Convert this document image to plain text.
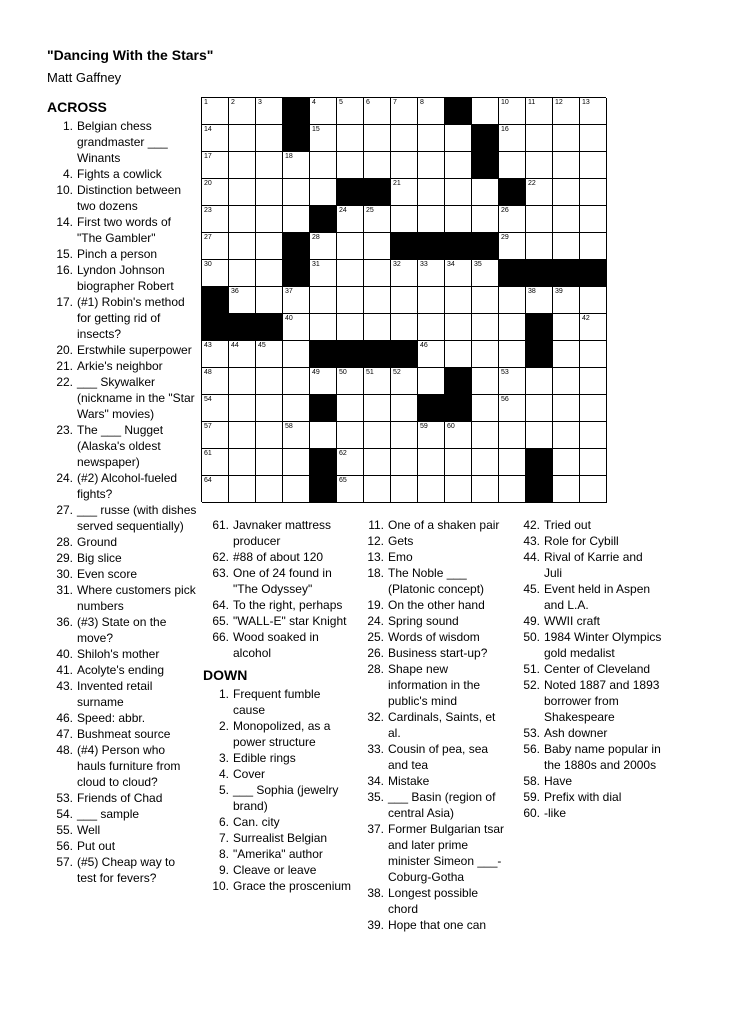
"Dancing With the Stars"
Matt Gaffney
1	2	3	4	5	6	7	8	10	11	12	13
14	15	16
17	18
20	21	22
23	24	25	26
27	28	29
30	31	32	33	34	35
36	37	38	39
40	42
43	44	45	46
48	49	50	51	52	53
54	56
57	58	59	60
61	62
64	65
ACROSS
1. Belgian chess grandmaster ___ Winants
4. Fights a cowlick
10. Distinction between two dozens
14. First two words of "The Gambler"
15. Pinch a person
16. Lyndon Johnson biographer Robert
17. (#1) Robin's method for getting rid of insects?
20. Erstwhile superpower
21. Arkie's neighbor
22. ___ Skywalker (nickname in the "Star Wars" movies)
23. The ___ Nugget (Alaska's oldest newspaper)
24. (#2) Alcohol-fueled fights?
27. ___ russe (with dishes served sequentially)
28. Ground
29. Big slice
30. Even score
31. Where customers pick numbers
36. (#3) State on the move?
40. Shiloh's mother
41. Acolyte's ending
43. Invented retail surname
46. Speed: abbr.
47. Bushmeat source
48. (#4) Person who hauls furniture from cloud to cloud?
53. Friends of Chad
54. ___ sample
55. Well
56. Put out
57. (#5) Cheap way to test for fevers?
61. Javnaker mattress producer
62. #88 of about 120
63. One of 24 found in "The Odyssey"
64. To the right, perhaps
65. "WALL-E" star Knight
66. Wood soaked in alcohol
DOWN
1. Frequent fumble cause
2. Monopolized, as a power structure
3. Edible rings
4. Cover
5. ___ Sophia (jewelry brand)
6. Can. city
7. Surrealist Belgian
8. "Amerika" author
9. Cleave or leave
10. Grace the proscenium
11. One of a shaken pair
12. Gets
13. Emo
18. The Noble ___ (Platonic concept)
19. On the other hand
24. Spring sound
25. Words of wisdom
26. Business start-up?
28. Shape new information in the public's mind
32. Cardinals, Saints, et al.
33. Cousin of pea, sea and tea
34. Mistake
35. ___ Basin (region of central Asia)
37. Former Bulgarian tsar and later prime minister Simeon ___-Coburg-Gotha
38. Longest possible chord
39. Hope that one can
42. Tried out
43. Role for Cybill
44. Rival of Karrie and Juli
45. Event held in Aspen and L.A.
49. WWII craft
50. 1984 Winter Olympics gold medalist
51. Center of Cleveland
52. Noted 1887 and 1893 borrower from Shakespeare
53. Ash downer
56. Baby name popular in the 1880s and 2000s
58. Have
59. Prefix with dial
60. -like
